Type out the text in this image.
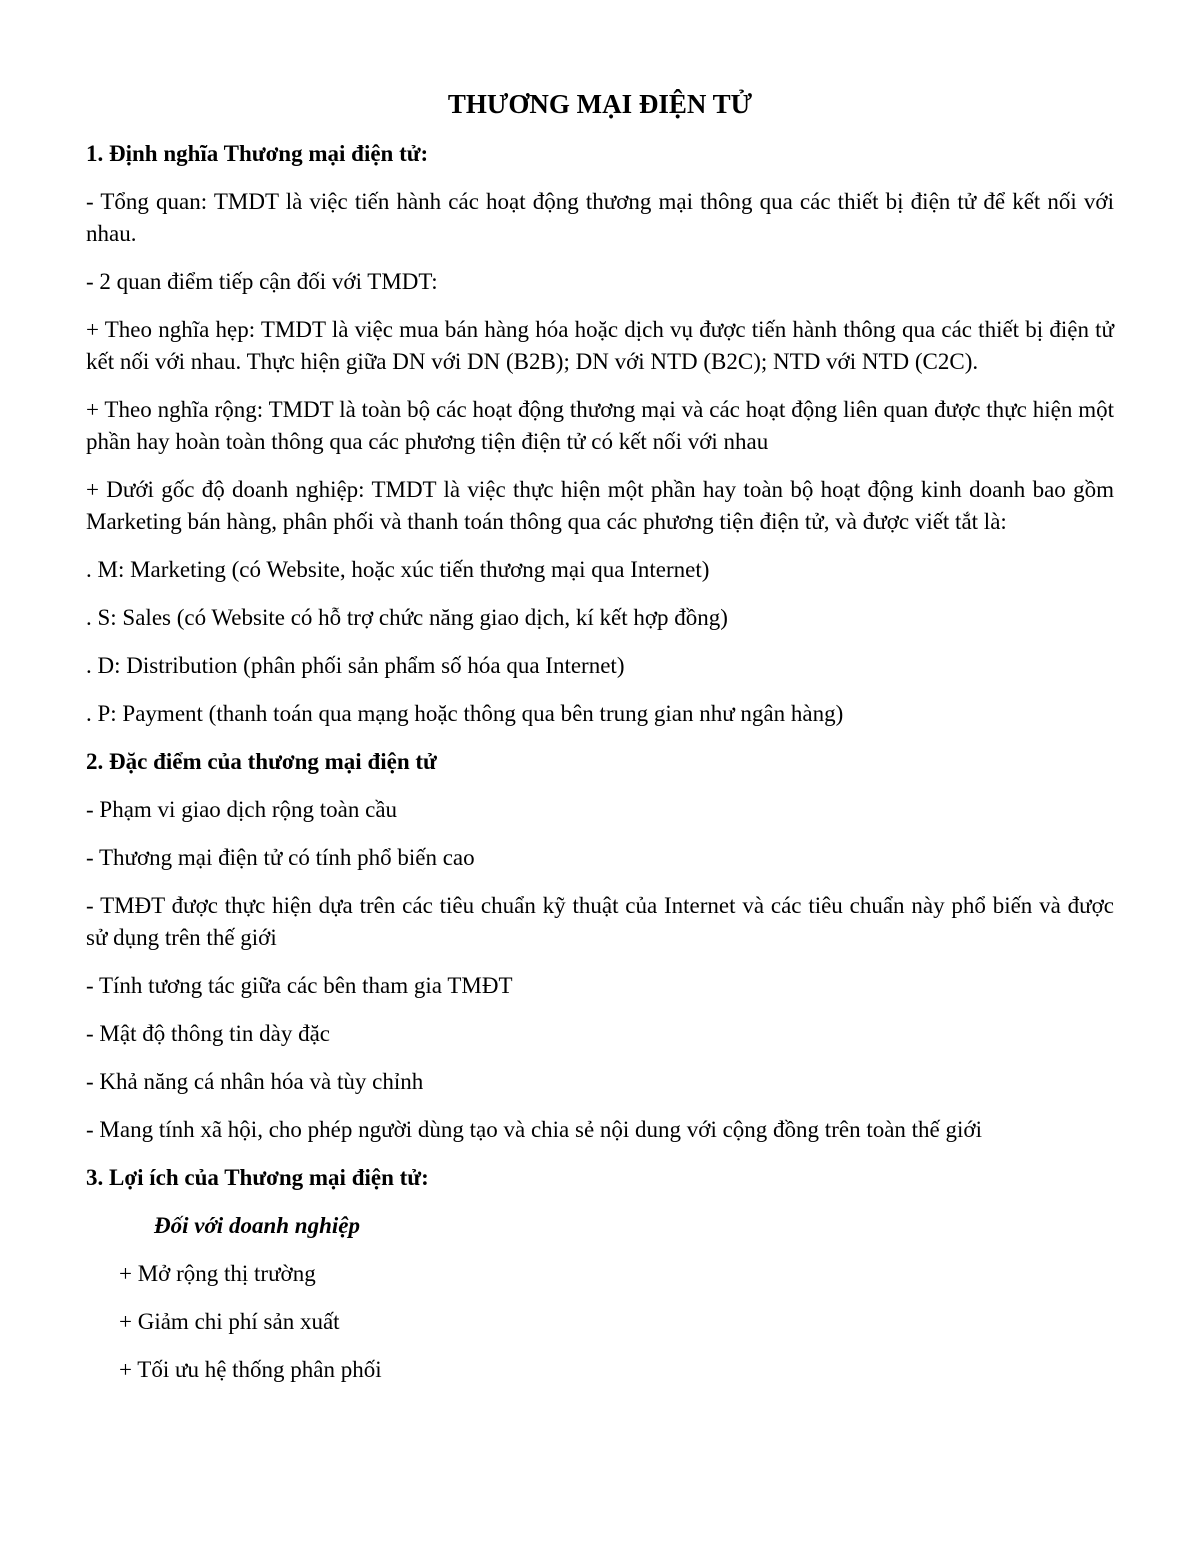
THƯƠNG MẠI ĐIỆN TỬ

1. Định nghĩa Thương mại điện tử:

- Tổng quan: TMDT là việc tiến hành các hoạt động thương mại thông qua các thiết bị điện tử để kết nối với nhau.

- 2 quan điểm tiếp cận đối với TMDT:

+ Theo nghĩa hẹp: TMDT là việc mua bán hàng hóa hoặc dịch vụ được tiến hành thông qua các thiết bị điện tử kết nối với nhau. Thực hiện giữa DN với DN (B2B); DN với NTD (B2C); NTD với NTD (C2C).

+ Theo nghĩa rộng: TMDT là toàn bộ các hoạt động thương mại và các hoạt động liên quan được thực hiện một phần hay hoàn toàn thông qua các phương tiện điện tử có kết nối với nhau

+ Dưới gốc độ doanh nghiệp: TMDT là việc thực hiện một phần hay toàn bộ hoạt động kinh doanh bao gồm Marketing bán hàng, phân phối và thanh toán thông qua các phương tiện điện tử, và được viết tắt là:

. M: Marketing (có Website, hoặc xúc tiến thương mại qua Internet)

. S: Sales (có Website có hỗ trợ chức năng giao dịch, kí kết hợp đồng)

. D: Distribution (phân phối sản phẩm số hóa qua Internet)

. P: Payment (thanh toán qua mạng hoặc thông qua bên trung gian như ngân hàng)

2. Đặc điểm của thương mại điện tử

- Phạm vi giao dịch rộng toàn cầu

- Thương mại điện tử có tính phổ biến cao

- TMĐT được thực hiện dựa trên các tiêu chuẩn kỹ thuật của Internet và các tiêu chuẩn này phổ biến và được sử dụng trên thế giới

- Tính tương tác giữa các bên tham gia TMĐT

- Mật độ thông tin dày đặc

- Khả năng cá nhân hóa và tùy chỉnh

- Mang tính xã hội, cho phép người dùng tạo và chia sẻ nội dung với cộng đồng trên toàn thế giới

3. Lợi ích của Thương mại điện tử:

Đối với doanh nghiệp

+ Mở rộng thị trường

+ Giảm chi phí sản xuất

+ Tối ưu hệ thống phân phối
